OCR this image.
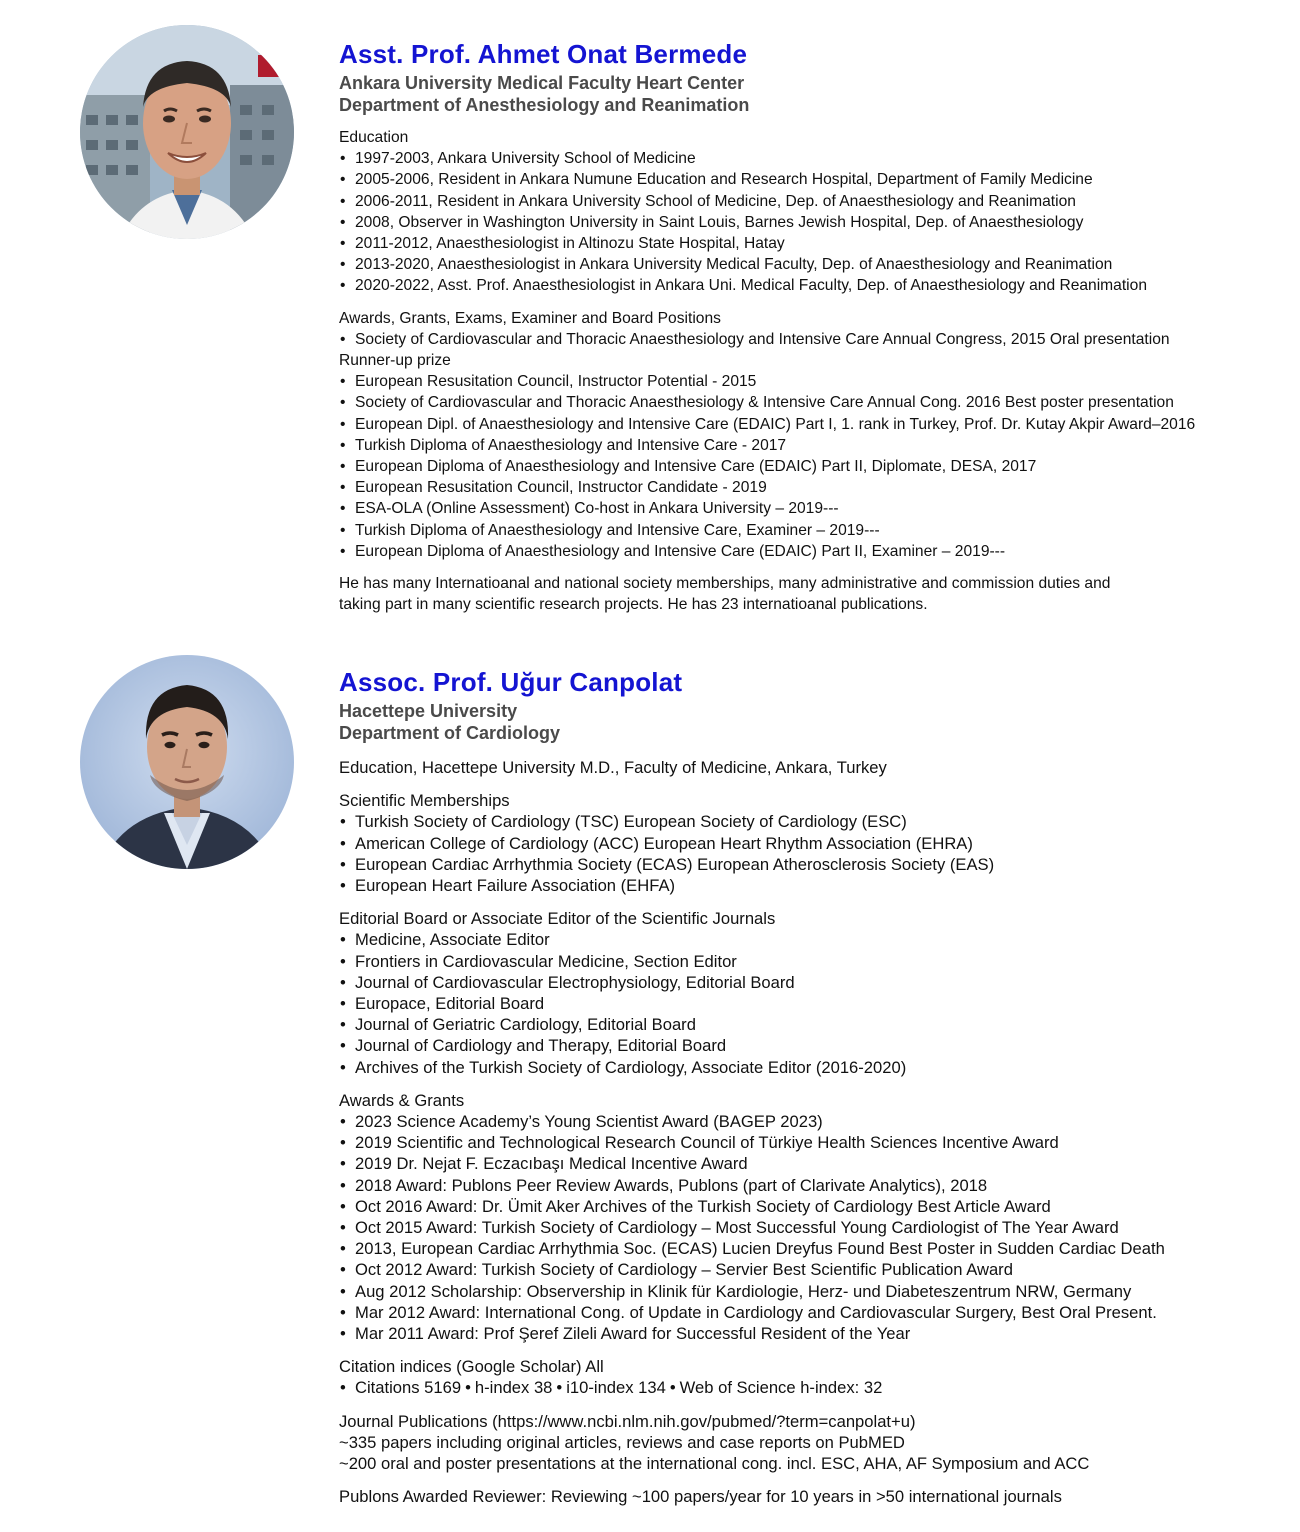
Asst. Prof. Ahmet Onat Bermede
Ankara University Medical Faculty Heart Center
Department of Anesthesiology and Reanimation
Education
• 1997-2003, Ankara University School of Medicine
• 2005-2006, Resident in Ankara Numune Education and Research Hospital, Department of Family Medicine
• 2006-2011, Resident in Ankara University School of Medicine, Dep. of Anaesthesiology and Reanimation
• 2008, Observer in Washington University in Saint Louis, Barnes Jewish Hospital, Dep. of Anaesthesiology
• 2011-2012, Anaesthesiologist in Altinozu State Hospital, Hatay
• 2013-2020, Anaesthesiologist in Ankara University Medical Faculty, Dep. of Anaesthesiology and Reanimation
• 2020-2022, Asst. Prof. Anaesthesiologist in Ankara Uni. Medical Faculty, Dep. of Anaesthesiology and Reanimation
Awards, Grants, Exams, Examiner and Board Positions
• Society of Cardiovascular and Thoracic Anaesthesiology and Intensive Care Annual Congress, 2015 Oral presentation
Runner-up prize
• European Resusitation Council, Instructor Potential - 2015
• Society of Cardiovascular and Thoracic Anaesthesiology & Intensive Care Annual Cong. 2016 Best poster presentation
• European Dipl. of Anaesthesiology and Intensive Care (EDAIC) Part I, 1. rank in Turkey, Prof. Dr. Kutay Akpir Award–2016
• Turkish Diploma of Anaesthesiology and Intensive Care - 2017
• European Diploma of Anaesthesiology and Intensive Care (EDAIC) Part II, Diplomate, DESA, 2017
• European Resusitation Council, Instructor Candidate - 2019
• ESA-OLA (Online Assessment) Co-host in Ankara University – 2019---
• Turkish Diploma of Anaesthesiology and Intensive Care, Examiner – 2019---
• European Diploma of Anaesthesiology and Intensive Care (EDAIC) Part II, Examiner – 2019---
He has many Internatioanal and national society memberships, many administrative and commission duties and
taking part in many scientific research projects. He has 23 internatioanal publications.
Assoc. Prof. Uğur Canpolat
Hacettepe University
Department of Cardiology
Education, Hacettepe University M.D., Faculty of Medicine, Ankara, Turkey
Scientific Memberships
• Turkish Society of Cardiology (TSC) European Society of Cardiology (ESC)
• American College of Cardiology (ACC) European Heart Rhythm Association (EHRA)
• European Cardiac Arrhythmia Society (ECAS) European Atherosclerosis Society (EAS)
• European Heart Failure Association (EHFA)
Editorial Board or Associate Editor of the Scientific Journals
• Medicine, Associate Editor
• Frontiers in Cardiovascular Medicine, Section Editor
• Journal of Cardiovascular Electrophysiology, Editorial Board
• Europace, Editorial Board
• Journal of Geriatric Cardiology, Editorial Board
• Journal of Cardiology and Therapy, Editorial Board
• Archives of the Turkish Society of Cardiology, Associate Editor (2016-2020)
Awards & Grants
• 2023 Science Academy’s Young Scientist Award (BAGEP 2023)
• 2019 Scientific and Technological Research Council of Türkiye Health Sciences Incentive Award
• 2019 Dr. Nejat F. Eczacıbaşı Medical Incentive Award
• 2018 Award: Publons Peer Review Awards, Publons (part of Clarivate Analytics), 2018
• Oct 2016 Award: Dr. Ümit Aker Archives of the Turkish Society of Cardiology Best Article Award
• Oct 2015 Award: Turkish Society of Cardiology – Most Successful Young Cardiologist of The Year Award
• 2013, European Cardiac Arrhythmia Soc. (ECAS) Lucien Dreyfus Found Best Poster in Sudden Cardiac Death
• Oct 2012 Award: Turkish Society of Cardiology – Servier Best Scientific Publication Award
• Aug 2012 Scholarship: Observership in Klinik für Kardiologie, Herz- und Diabeteszentrum NRW, Germany
• Mar 2012 Award: International Cong. of Update in Cardiology and Cardiovascular Surgery, Best Oral Present.
• Mar 2011 Award: Prof Şeref Zileli Award for Successful Resident of the Year
Citation indices (Google Scholar) All
• Citations 5169 • h-index 38 • i10-index 134 • Web of Science h-index: 32
Journal Publications (https://www.ncbi.nlm.nih.gov/pubmed/?term=canpolat+u)
~335 papers including original articles, reviews and case reports on PubMED
~200 oral and poster presentations at the international cong. incl. ESC, AHA, AF Symposium and ACC
Publons Awarded Reviewer: Reviewing ~100 papers/year for 10 years in >50 international journals
